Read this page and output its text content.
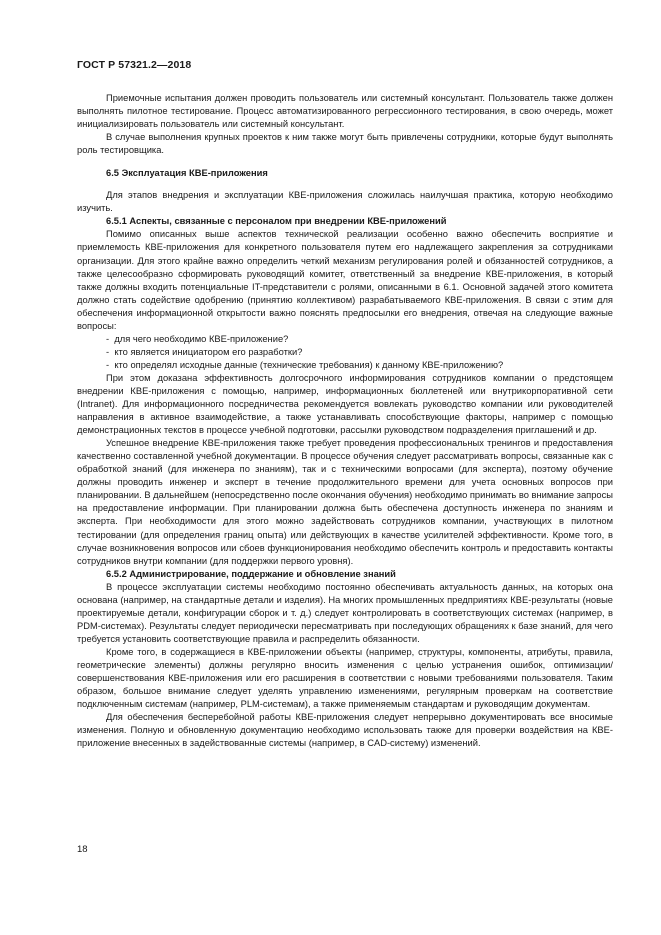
ГОСТ Р 57321.2—2018

Приемочные испытания должен проводить пользователь или системный консультант. Пользователь также должен выполнять пилотное тестирование. Процесс автоматизированного регрессионного тестирования, в свою очередь, может инициализировать пользователь или системный консультант.

В случае выполнения крупных проектов к ним также могут быть привлечены сотрудники, которые будут выполнять роль тестировщика.

6.5 Эксплуатация КВЕ-приложения

Для этапов внедрения и эксплуатации КВЕ-приложения сложилась наилучшая практика, которую необходимо изучить.

6.5.1 Аспекты, связанные с персоналом при внедрении КВЕ-приложений

Помимо описанных выше аспектов технической реализации особенно важно обеспечить восприятие и приемлемость КВЕ-приложения для конкретного пользователя путем его надлежащего закрепления за сотрудниками организации. Для этого крайне важно определить четкий механизм регулирования ролей и обязанностей сотрудников, а также целесообразно сформировать руководящий комитет, ответственный за внедрение КВЕ-приложения, в который также должны входить потенциальные IT-представители с ролями, описанными в 6.1. Основной задачей этого комитета должно стать содействие одобрению (принятию коллективом) разрабатываемого КВЕ-приложения. В связи с этим для обеспечения информационной открытости важно пояснять предпосылки его внедрения, отвечая на следующие важные вопросы:

-  для чего необходимо КВЕ-приложение?
-  кто является инициатором его разработки?
-  кто определял исходные данные (технические требования) к данному КВЕ-приложению?

При этом доказана эффективность долгосрочного информирования сотрудников компании о предстоящем внедрении КВЕ-приложения с помощью, например, информационных бюллетеней или внутрикорпоративной сети (Intranet). Для информационного посредничества рекомендуется вовлекать руководство компании или руководителей направления в активное взаимодействие, а также устанавливать способствующие факторы, например с помощью демонстрационных текстов в процессе учебной подготовки, рассылки руководством подразделения приглашений и др.

Успешное внедрение КВЕ-приложения также требует проведения профессиональных тренингов и предоставления качественно составленной учебной документации. В процессе обучения следует рассматривать вопросы, связанные как с обработкой знаний (для инженера по знаниям), так и с техническими вопросами (для эксперта), поэтому обучение должны проводить инженер и эксперт в течение продолжительного времени для учета основных вопросов при планировании. В дальнейшем (непосредственно после окончания обучения) необходимо принимать во внимание запросы на предоставление информации. При планировании должна быть обеспечена доступность инженера по знаниям и эксперта. При необходимости для этого можно задействовать сотрудников компании, участвующих в пилотном тестировании (для определения границ опыта) или действующих в качестве усилителей эффективности. Кроме того, в случае возникновения вопросов или сбоев функционирования необходимо обеспечить контроль и предоставить контакты сотрудников внутри компании (для поддержки первого уровня).

6.5.2 Администрирование, поддержание и обновление знаний

В процессе эксплуатации системы необходимо постоянно обеспечивать актуальность данных, на которых она основана (например, на стандартные детали и изделия). На многих промышленных предприятиях КВЕ-результаты (новые проектируемые детали, конфигурации сборок и т. д.) следует контролировать в соответствующих системах (например, в PDM-системах). Результаты следует периодически пересматривать при последующих обращениях к базе знаний, для чего требуется установить соответствующие правила и распределить обязанности.

Кроме того, в содержащиеся в КВЕ-приложении объекты (например, структуры, компоненты, атрибуты, правила, геометрические элементы) должны регулярно вносить изменения с целью устранения ошибок, оптимизации/совершенствования КВЕ-приложения или его расширения в соответствии с новыми требованиями пользователя. Таким образом, большое внимание следует уделять управлению изменениями, регулярным проверкам на соответствие подключенным системам (например, PLM-системам), а также применяемым стандартам и руководящим документам.

Для обеспечения бесперебойной работы КВЕ-приложения следует непрерывно документировать все вносимые изменения. Полную и обновленную документацию необходимо использовать также для проверки воздействия на КВЕ-приложение внесенных в задействованные системы (например, в CAD-систему) изменений.

18
